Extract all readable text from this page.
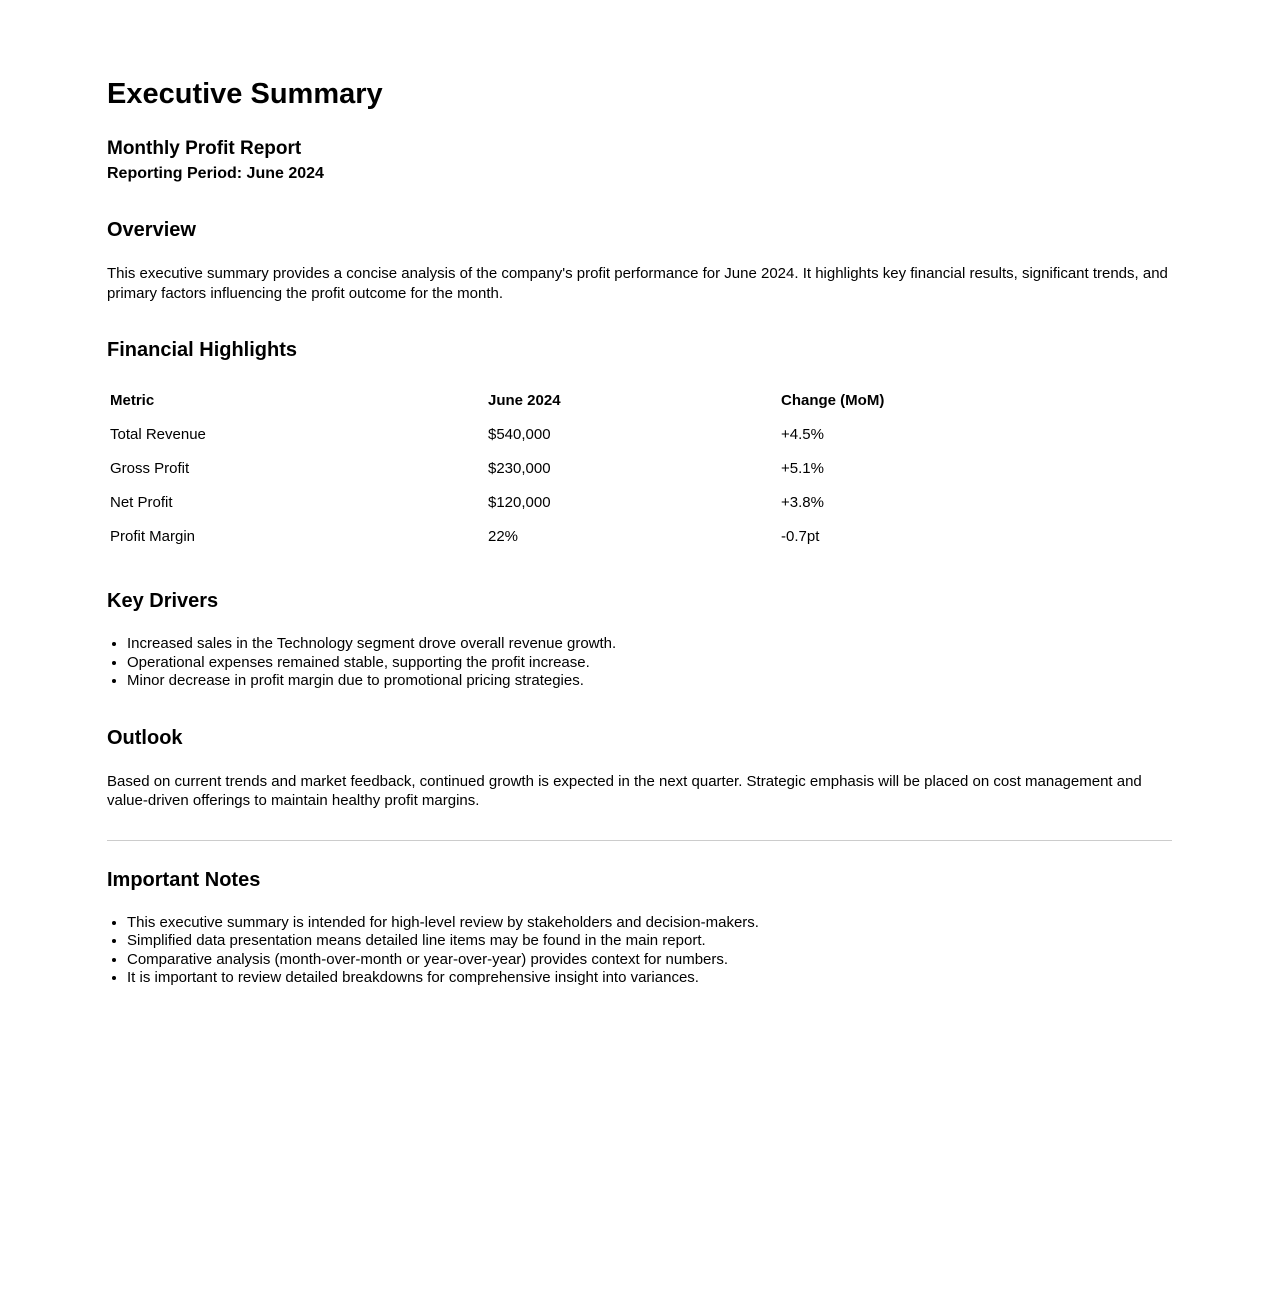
Executive Summary
Monthly Profit Report

Reporting Period: June 2024

Overview

This executive summary provides a concise analysis of the company's profit performance for June 2024. It highlights key financial results, significant trends, and primary factors influencing the profit outcome for the month.

Financial Highlights
Metric	June 2024	Change (MoM)
Total Revenue	$540,000	+4.5%
Gross Profit	$230,000	+5.1%
Net Profit	$120,000	+3.8%
Profit Margin	22%	-0.7pt
Key Drivers
• Increased sales in the Technology segment drove overall revenue growth.
• Operational expenses remained stable, supporting the profit increase.
• Minor decrease in profit margin due to promotional pricing strategies.
Outlook

Based on current trends and market feedback, continued growth is expected in the next quarter. Strategic emphasis will be placed on cost management and value-driven offerings to maintain healthy profit margins.

Important Notes
• This executive summary is intended for high-level review by stakeholders and decision-makers.
• Simplified data presentation means detailed line items may be found in the main report.
• Comparative analysis (month-over-month or year-over-year) provides context for numbers.
• It is important to review detailed breakdowns for comprehensive insight into variances.
